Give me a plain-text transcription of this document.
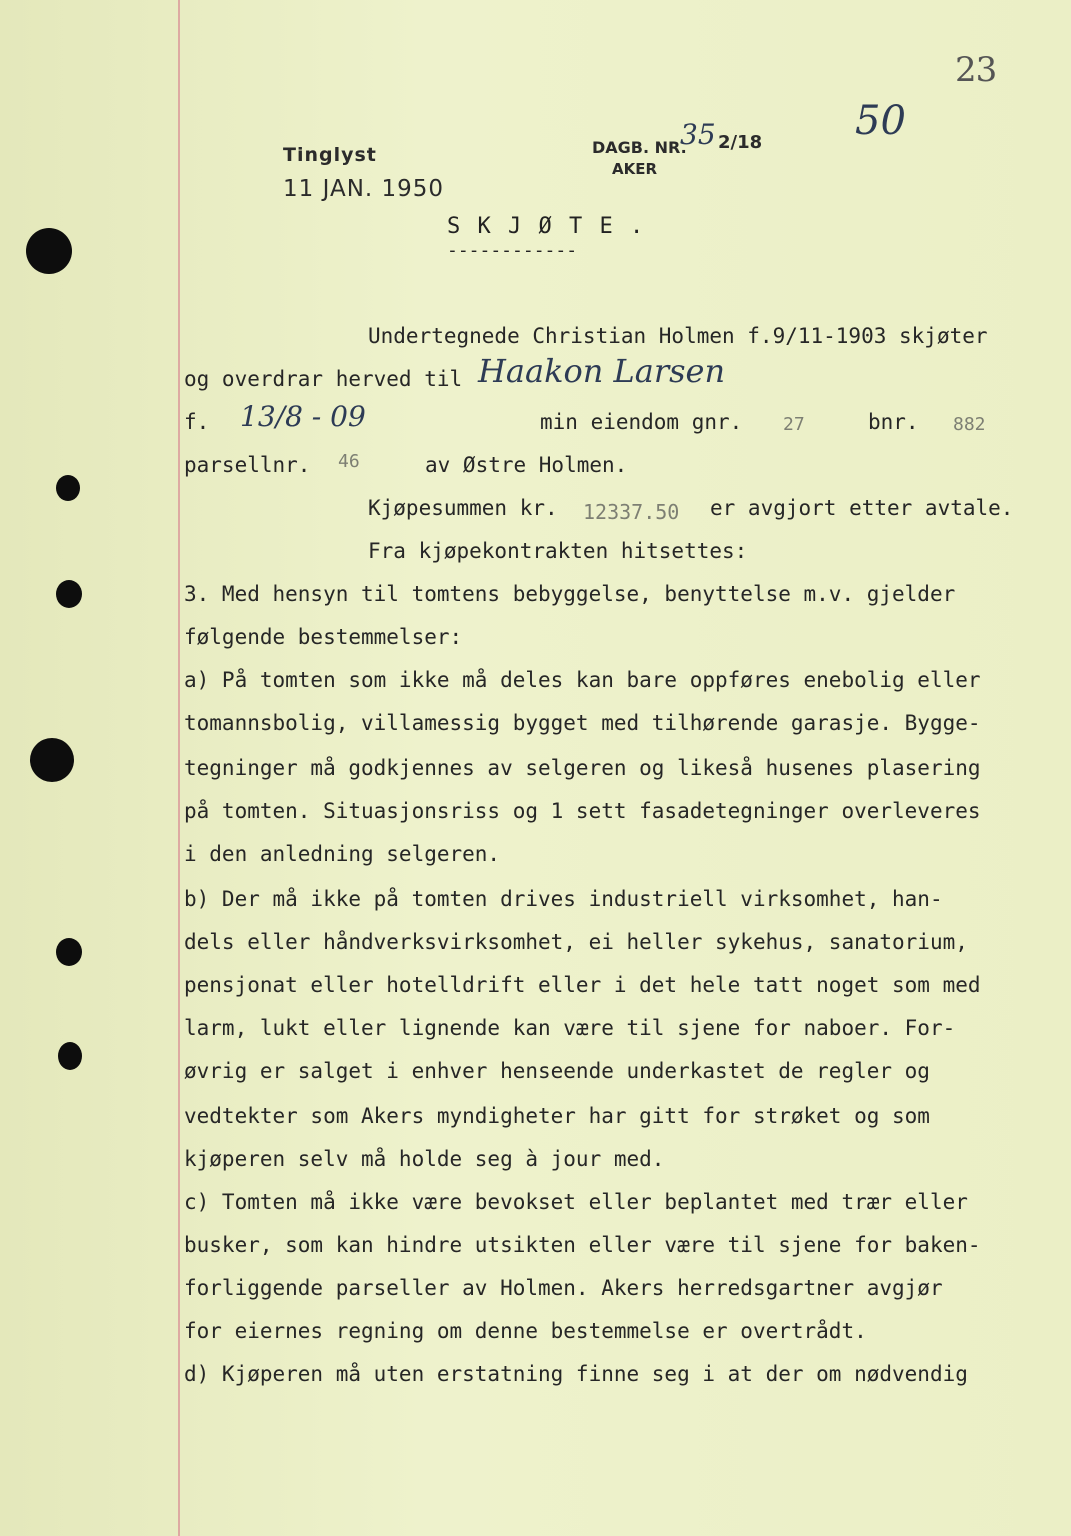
23
Tinglyst
11 JAN. 1950
DAGB. NR.
AKER
35 2/18 50
S K J Ø T E .
------------
Undertegnede Christian Holmen f.9/11-1903 skjøter
og overdrar herved til Haakon Larsen
f. 13/8 - 09	min eiendom gnr. 27	bnr. 882
parsellnr. 46	av Østre Holmen.
Kjøpesummen kr. 12337.50 er avgjort etter avtale.
Fra kjøpekontrakten hitsettes:
3. Med hensyn til tomtens bebyggelse, benyttelse m.v. gjelder
følgende bestemmelser:
a) På tomten som ikke må deles kan bare oppføres enebolig eller
tomannsbolig, villamessig bygget med tilhørende garasje. Bygge-
tegninger må godkjennes av selgeren og likeså husenes plasering
på tomten. Situasjonsriss og 1 sett fasadetegninger overleveres
i den anledning selgeren.
b) Der må ikke på tomten drives industriell virksomhet, han-
dels eller håndverksvirksomhet, ei heller sykehus, sanatorium,
pensjonat eller hotelldrift eller i det hele tatt noget som med
larm, lukt eller lignende kan være til sjene for naboer. For-
øvrig er salget i enhver henseende underkastet de regler og
vedtekter som Akers myndigheter har gitt for strøket og som
kjøperen selv må holde seg à jour med.
c) Tomten må ikke være bevokset eller beplantet med trær eller
busker, som kan hindre utsikten eller være til sjene for baken-
forliggende parseller av Holmen. Akers herredsgartner avgjør
for eiernes regning om denne bestemmelse er overtrådt.
d) Kjøperen må uten erstatning finne seg i at der om nødvendig
